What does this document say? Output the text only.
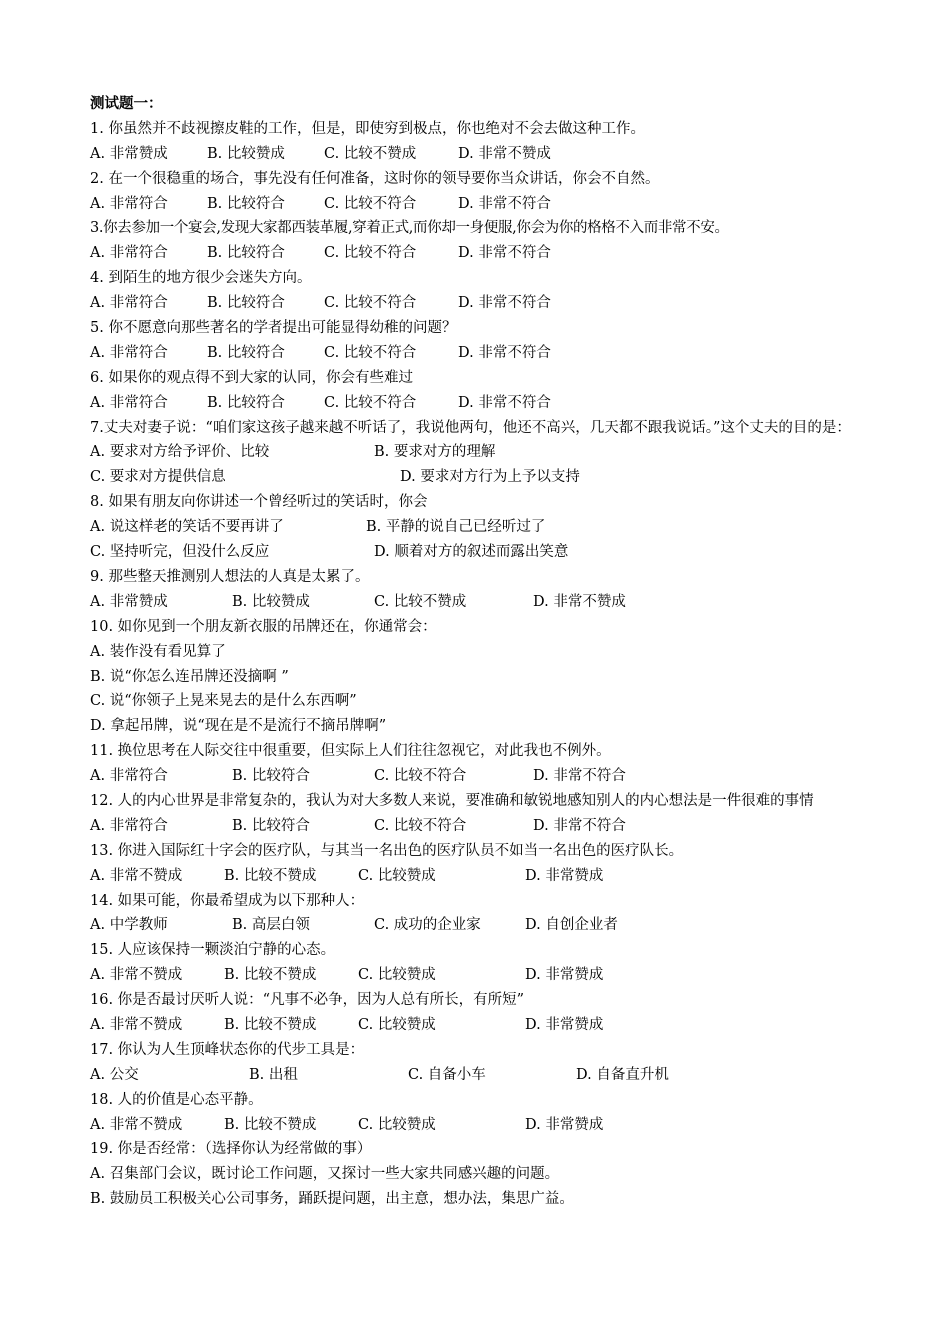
测试题一：
1. 你虽然并不歧视擦皮鞋的工作，但是，即使穷到极点，你也绝对不会去做这种工作。
A. 非常赞成	B. 比较赞成	C. 比较不赞成	D. 非常不赞成
2. 在一个很稳重的场合，事先没有任何准备，这时你的领导要你当众讲话，你会不自然。
A. 非常符合	B. 比较符合	C. 比较不符合	D. 非常不符合
3.你去参加一个宴会,发现大家都西装革履,穿着正式,而你却一身便服,你会为你的格格不入而非常不安。
A. 非常符合	B. 比较符合	C. 比较不符合	D. 非常不符合
4. 到陌生的地方很少会迷失方向。
A. 非常符合	B. 比较符合	C. 比较不符合	D. 非常不符合
5. 你不愿意向那些著名的学者提出可能显得幼稚的问题？
A. 非常符合	B. 比较符合	C. 比较不符合	D. 非常不符合
6. 如果你的观点得不到大家的认同，你会有些难过
A. 非常符合	B. 比较符合	C. 比较不符合	D. 非常不符合
7.丈夫对妻子说：“咱们家这孩子越来越不听话了，我说他两句，他还不高兴，几天都不跟我说话。”这个丈夫的目的是：
A. 要求对方给予评价、比较	B. 要求对方的理解
C. 要求对方提供信息	D. 要求对方行为上予以支持
8. 如果有朋友向你讲述一个曾经听过的笑话时，你会
A. 说这样老的笑话不要再讲了	B. 平静的说自己已经听过了
C. 坚持听完，但没什么反应	D. 顺着对方的叙述而露出笑意
9. 那些整天推测别人想法的人真是太累了。
A. 非常赞成	B. 比较赞成	C. 比较不赞成	D. 非常不赞成
10. 如你见到一个朋友新衣服的吊牌还在，你通常会：
A. 装作没有看见算了
B. 说“你怎么连吊牌还没摘啊 ”
C. 说“你领子上晃来晃去的是什么东西啊”
D. 拿起吊牌，说“现在是不是流行不摘吊牌啊”
11. 换位思考在人际交往中很重要，但实际上人们往往忽视它，对此我也不例外。
A. 非常符合	B. 比较符合	C. 比较不符合	D. 非常不符合
12. 人的内心世界是非常复杂的，我认为对大多数人来说，要准确和敏锐地感知别人的内心想法是一件很难的事情
A. 非常符合	B. 比较符合	C. 比较不符合	D. 非常不符合
13. 你进入国际红十字会的医疗队，与其当一名出色的医疗队员不如当一名出色的医疗队长。
A. 非常不赞成	B. 比较不赞成	C. 比较赞成	D. 非常赞成
14. 如果可能，你最希望成为以下那种人：
A. 中学教师	B. 高层白领	C. 成功的企业家	D. 自创企业者
15. 人应该保持一颗淡泊宁静的心态。
A. 非常不赞成	B. 比较不赞成	C. 比较赞成	D. 非常赞成
16. 你是否最讨厌听人说：“凡事不必争，因为人总有所长，有所短”
A. 非常不赞成	B. 比较不赞成	C. 比较赞成	D. 非常赞成
17. 你认为人生顶峰状态你的代步工具是：
A. 公交	B. 出租	C. 自备小车	D. 自备直升机
18. 人的价值是心态平静。
A. 非常不赞成	B. 比较不赞成	C. 比较赞成	D. 非常赞成
19. 你是否经常：（选择你认为经常做的事）
A. 召集部门会议，既讨论工作问题，又探讨一些大家共同感兴趣的问题。
B. 鼓励员工积极关心公司事务，踊跃提问题，出主意，想办法，集思广益。
